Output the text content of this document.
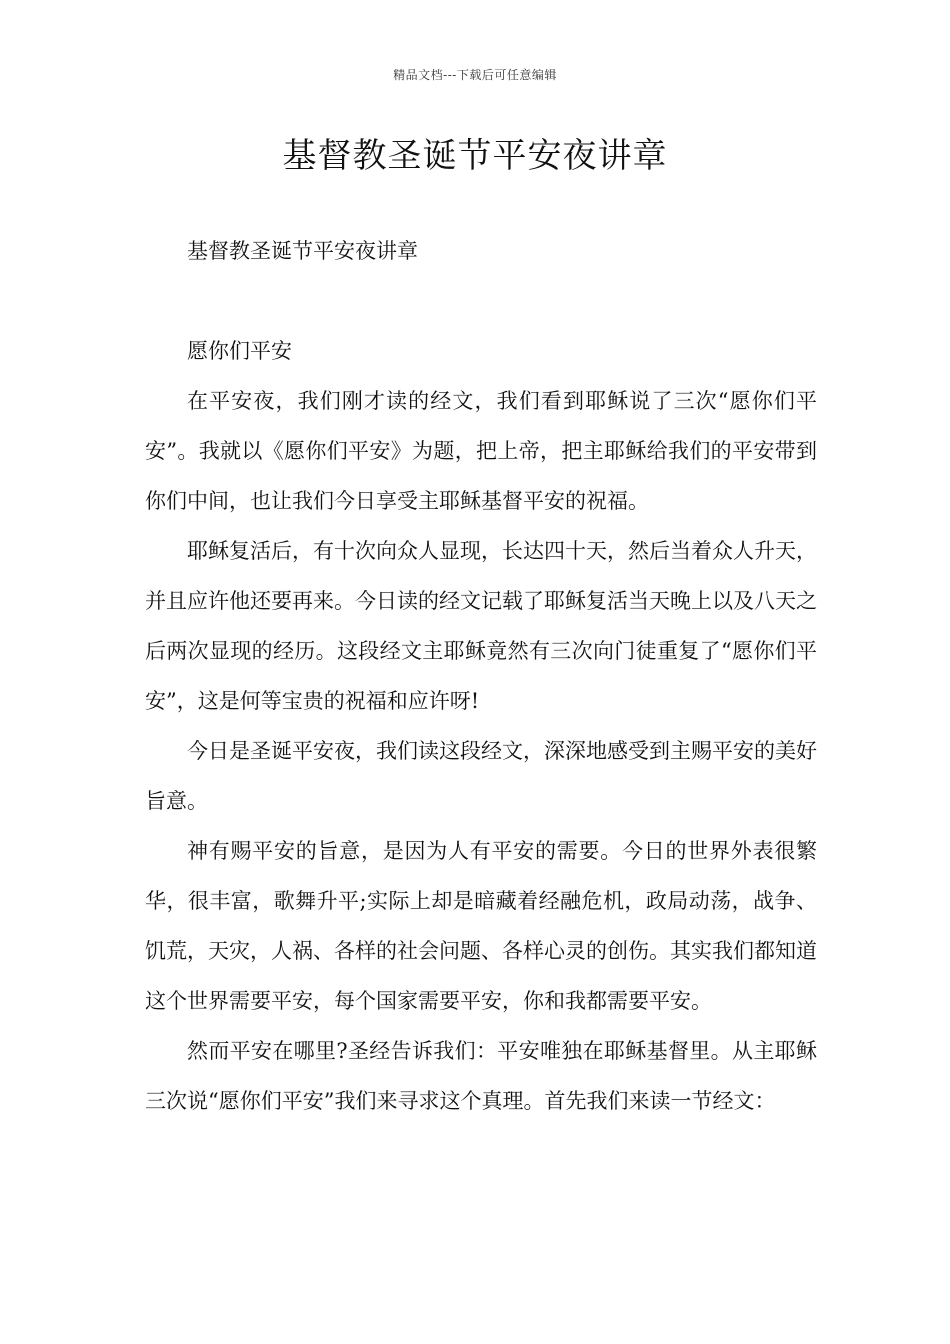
精品文档---下载后可任意编辑
基督教圣诞节平安夜讲章

基督教圣诞节平安夜讲章

愿你们平安

在平安夜，我们刚才读的经文，我们看到耶稣说了三次“愿你们平安”。我就以《愿你们平安》为题，把上帝，把主耶稣给我们的平安带到你们中间，也让我们今日享受主耶稣基督平安的祝福。

耶稣复活后，有十次向众人显现，长达四十天，然后当着众人升天，并且应许他还要再来。今日读的经文记载了耶稣复活当天晚上以及八天之后两次显现的经历。这段经文主耶稣竟然有三次向门徒重复了“愿你们平安”，这是何等宝贵的祝福和应许呀!

今日是圣诞平安夜，我们读这段经文，深深地感受到主赐平安的美好旨意。

神有赐平安的旨意，是因为人有平安的需要。今日的世界外表很繁华，很丰富，歌舞升平;实际上却是暗藏着经融危机，政局动荡，战争、饥荒，天灾，人祸、各样的社会问题、各样心灵的创伤。其实我们都知道这个世界需要平安，每个国家需要平安，你和我都需要平安。

然而平安在哪里?圣经告诉我们：平安唯独在耶稣基督里。从主耶稣三次说“愿你们平安”我们来寻求这个真理。首先我们来读一节经文：
